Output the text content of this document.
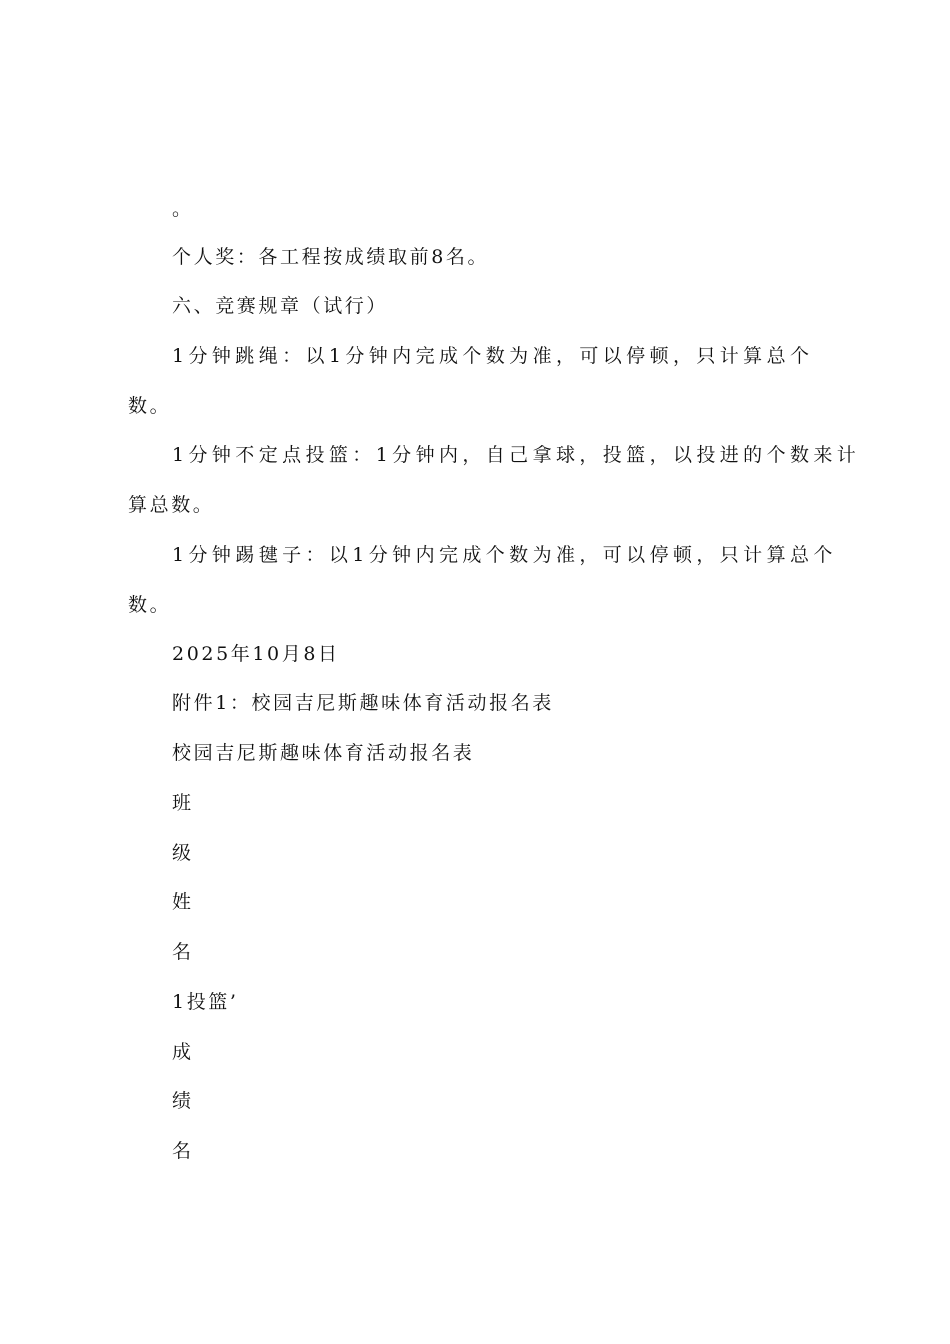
。
个人奖：各工程按成绩取前8名。
六、竞赛规章（试行）
1分钟跳绳：以1分钟内完成个数为准，可以停顿，只计算总个
数。
1分钟不定点投篮：1分钟内，自己拿球，投篮，以投进的个数来计
算总数。
1分钟踢毽子：以1分钟内完成个数为准，可以停顿，只计算总个
数。
2025年10月8日
附件1：校园吉尼斯趣味体育活动报名表
校园吉尼斯趣味体育活动报名表
班
级
姓
名
1投篮’
成
绩
名
